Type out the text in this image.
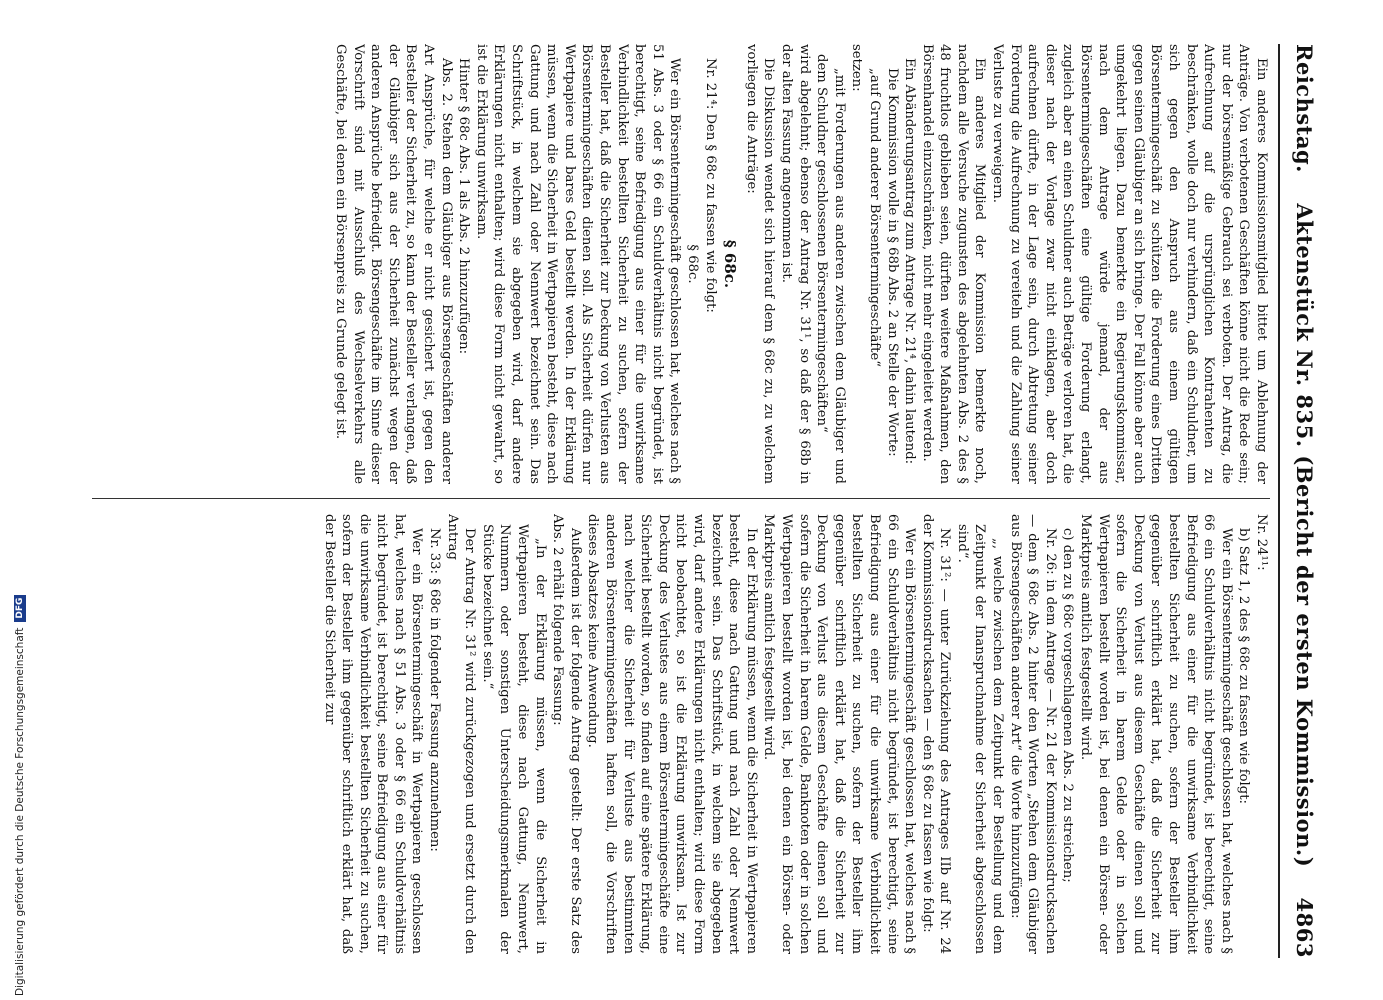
Reichstag.
Aktenstück Nr. 835. (Bericht der ersten Kommission.)
4863

Ein anderes Kommissionsmitglied bittet um Ablehnung der Anträge. Von verbotenen Geschäften könne nicht die Rede sein; nur der börsenmäßige Gebrauch sei verboten. Der Antrag, die Aufrechnung auf die ursprünglichen Kontrahenten zu beschränken, wolle doch nur verhindern, daß ein Schuldner, um sich gegen den Anspruch aus einem gültigen Börsentermingeschäft zu schützen die Forderung eines Dritten gegen seinen Gläubiger an sich bringe. Der Fall könne aber auch umgekehrt liegen. Dazu bemerkte ein Regierungskommissar, nach dem Antrage würde jemand, der aus Börsentermingeschäften eine gültige Forderung erlangt, zugleich aber an einen Schuldner auch Beträge verloren hat, die dieser nach der Vorlage zwar nicht einklagen, aber doch aufrechnen dürfte, in der Lage sein, durch Abtretung seiner Forderung die Aufrechnung zu vereiteln und die Zahlung seiner Verluste zu verweigern.

Ein anderes Mitglied der Kommission bemerkte noch, nachdem alle Versuche zugunsten des abgelehnten Abs. 2 des § 48 fruchtlos geblieben seien, dürften weitere Maßnahmen, den Börsenhandel einzuschränken, nicht mehr eingeleitet werden.

Ein Abänderungsantrag zum Antrage Nr. 21⁴, dahin lautend:

Die Kommission wolle in § 68b Abs. 2 an Stelle der Worte:

„auf Grund anderer Börsentermingeschäfte“

setzen:

„mit Forderungen aus anderen zwischen dem Gläubiger und dem Schuldner geschlossenen Börsentermingeschäften“

wird abgelehnt; ebenso der Antrag Nr. 31¹, so daß der § 68b in der alten Fassung angenommen ist.

Die Diskussion wendet sich hierauf dem § 68c zu, zu welchem vorliegen die Anträge:

§ 68c.

Nr. 21⁴: Den § 68c zu fassen wie folgt:

§ 68c.

Wer ein Börsentermingeschäft geschlossen hat, welches nach § 51 Abs. 3 oder § 66 ein Schuldverhältnis nicht begründet, ist berechtigt, seine Befriedigung aus einer für die unwirksame Verbindlichkeit bestellten Sicherheit zu suchen, sofern der Besteller hat, daß die Sicherheit zur Deckung von Verlusten aus Börsentermingeschäften dienen soll. Als Sicherheit dürfen nur Wertpapiere und bares Geld bestellt werden. In der Erklärung müssen, wenn die Sicherheit in Wertpapieren besteht, diese nach Gattung und nach Zahl oder Nennwert bezeichnet sein. Das Schriftstück, in welchem sie abgegeben wird, darf andere Erklärungen nicht enthalten; wird diese Form nicht gewahrt, so ist die Erklärung unwirksam.

Hinter § 68c Abs. 1 als Abs. 2 hinzuzufügen:

Abs. 2. Stehen dem Gläubiger aus Börsengeschäften anderer Art Ansprüche, für welche er nicht gesichert ist, gegen den Besteller der Sicherheit zu, so kann der Besteller verlangen, daß der Gläubiger sich aus der Sicherheit zunächst wegen der anderen Ansprüche befriedigt. Börsengeschäfte im Sinne dieser Vorschrift sind mit Ausschluß des Wechselverkehrs alle Geschäfte, bei denen ein Börsenpreis zu Grunde gelegt ist.

Nr. 24¹¹:

b) Satz 1, 2 des § 68c zu fassen wie folgt:

Wer ein Börsentermingeschäft geschlossen hat, welches nach § 66 ein Schuldverhältnis nicht begründet, ist berechtigt, seine Befriedigung aus einer für die unwirksame Verbindlichkeit bestellten Sicherheit zu suchen, sofern der Besteller ihm gegenüber schriftlich erklärt hat, daß die Sicherheit zur Deckung von Verlust aus diesem Geschäfte dienen soll und sofern die Sicherheit in barem Gelde oder in solchen Wertpapieren bestellt worden ist, bei denen ein Börsen- oder Marktpreis amtlich festgestellt wird.

c) den zu § 68c vorgeschlagenen Abs. 2 zu streichen;

Nr. 26: in dem Antrage — Nr. 21 der Kommissionsdrucksachen — dem § 68c Abs. 2 hinter den Worten „Stehen dem Gläubiger aus Börsengeschäften anderer Art“ die Worte hinzuzufügen:

„, welche zwischen dem Zeitpunkt der Bestellung und dem Zeitpunkt der Inanspruchnahme der Sicherheit abgeschlossen sind“.

Nr. 31²: — unter Zurückziehung des Antrages IIb auf Nr. 24 der Kommissionsdrucksachen — den § 68c zu fassen wie folgt:

Wer ein Börsentermingeschäft geschlossen hat, welches nach § 66 ein Schuldverhältnis nicht begründet, ist berechtigt, seine Befriedigung aus einer für die unwirksame Verbindlichkeit bestellten Sicherheit zu suchen, sofern der Besteller ihm gegenüber schriftlich erklärt hat, daß die Sicherheit zur Deckung von Verlust aus diesem Geschäfte dienen soll und sofern die Sicherheit in barem Gelde, Banknoten oder in solchen Wertpapieren bestellt worden ist, bei denen ein Börsen- oder Marktpreis amtlich festgestellt wird.

In der Erklärung müssen, wenn die Sicherheit in Wertpapieren besteht, diese nach Gattung und nach Zahl oder Nennwert bezeichnet sein. Das Schriftstück, in welchem sie abgegeben wird, darf andere Erklärungen nicht enthalten; wird diese Form nicht beobachtet, so ist die Erklärung unwirksam. Ist zur Deckung des Verlustes aus einem Börsentermingeschäfte eine Sicherheit bestellt worden, so finden auf eine spätere Erklärung, nach welcher die Sicherheit für Verluste aus bestimmten anderen Börsentermingeschäften haften soll, die Vorschriften dieses Absatzes keine Anwendung.

Außerdem ist der folgende Antrag gestellt: Der erste Satz des Abs. 2 erhält folgende Fassung:

„In der Erklärung müssen, wenn die Sicherheit in Wertpapieren besteht, diese nach Gattung, Nennwert, Nummern oder sonstigen Unterscheidungsmerkmalen der Stücke bezeichnet sein.“

Der Antrag Nr. 31² wird zurückgezogen und ersetzt durch den Antrag

Nr. 33: § 68c in folgender Fassung anzunehmen:

Wer ein Börsentermingeschäft in Wertpapieren geschlossen hat, welches nach § 51 Abs. 3 oder § 66 ein Schuldverhältnis nicht begründet, ist berechtigt, seine Befriedigung aus einer für die unwirksame Verbindlichkeit bestellten Sicherheit zu suchen, sofern der Besteller ihm gegenüber schriftlich erklärt hat, daß der Besteller die Sicherheit zur

Digitalisierung gefördert durch die Deutsche Forschungsgemeinschaft
DFG
